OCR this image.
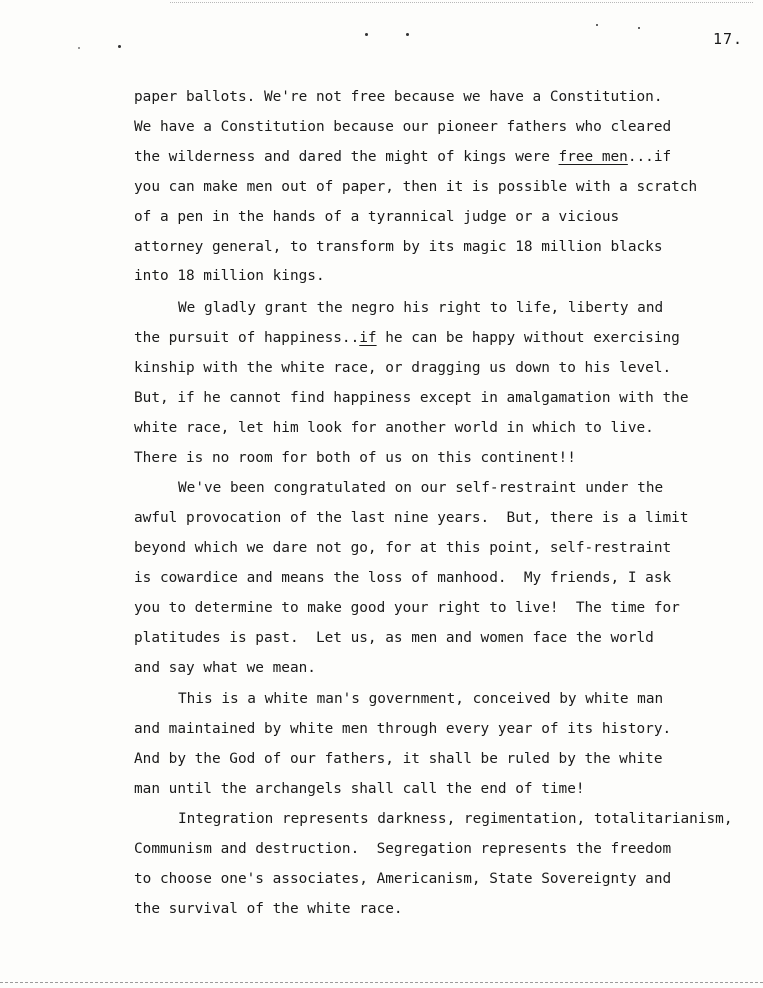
17.
paper ballots. We're not free because we have a Constitution.
We have a Constitution because our pioneer fathers who cleared
the wilderness and dared the might of kings were free men...if
you can make men out of paper, then it is possible with a scratch
of a pen in the hands of a tyrannical judge or a vicious
attorney general, to transform by its magic 18 million blacks
into 18 million kings.
We gladly grant the negro his right to life, liberty and
the pursuit of happiness..if he can be happy without exercising
kinship with the white race, or dragging us down to his level.
But, if he cannot find happiness except in amalgamation with the
white race, let him look for another world in which to live.
There is no room for both of us on this continent!!
We've been congratulated on our self-restraint under the
awful provocation of the last nine years.  But, there is a limit
beyond which we dare not go, for at this point, self-restraint
is cowardice and means the loss of manhood.  My friends, I ask
you to determine to make good your right to live!  The time for
platitudes is past.  Let us, as men and women face the world
and say what we mean.
This is a white man's government, conceived by white man
and maintained by white men through every year of its history.
And by the God of our fathers, it shall be ruled by the white
man until the archangels shall call the end of time!
Integration represents darkness, regimentation, totalitarianism,
Communism and destruction.  Segregation represents the freedom
to choose one's associates, Americanism, State Sovereignty and
the survival of the white race.
